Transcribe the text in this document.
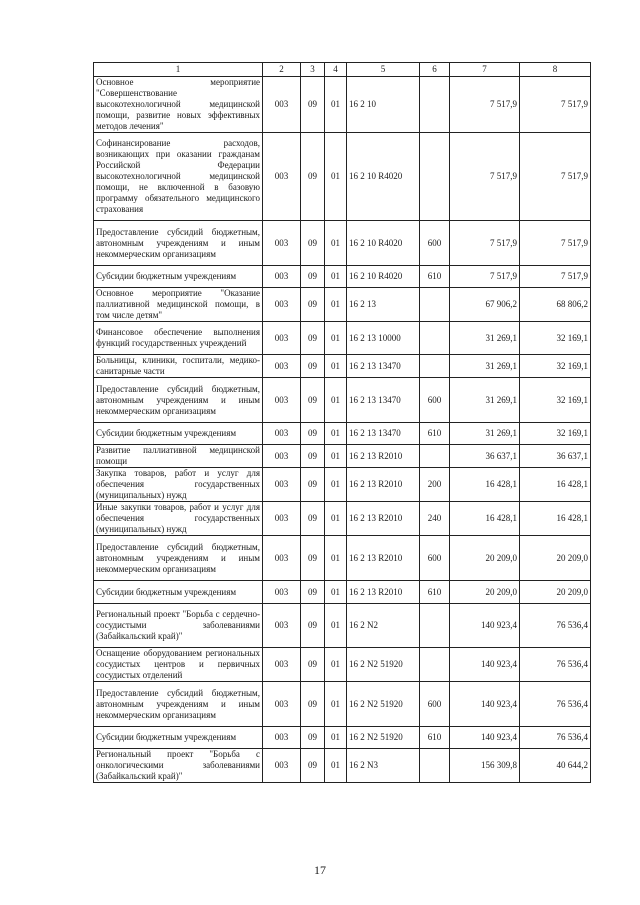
1	2	3	4	5	6	7	8
Основное мероприятие "Совершенствование высокотехнологичной медицинской помощи, развитие новых эффективных методов лечения"	003	09	01	16 2 10		7 517,9	7 517,9
Софинансирование расходов, возникающих при оказании гражданам Российской Федерации высокотехнологичной медицинской помощи, не включенной в базовую программу обязательного медицинского страхования	003	09	01	16 2 10 R4020		7 517,9	7 517,9
Предоставление субсидий бюджетным, автономным учреждениям и иным некоммерческим организациям	003	09	01	16 2 10 R4020	600	7 517,9	7 517,9
Субсидии бюджетным учреждениям	003	09	01	16 2 10 R4020	610	7 517,9	7 517,9
Основное мероприятие "Оказание паллиативной медицинской помощи, в том числе детям"	003	09	01	16 2 13		67 906,2	68 806,2
Финансовое обеспечение выполнения функций государственных учреждений	003	09	01	16 2 13 10000		31 269,1	32 169,1
Больницы, клиники, госпитали, медико-санитарные части	003	09	01	16 2 13 13470		31 269,1	32 169,1
Предоставление субсидий бюджетным, автономным учреждениям и иным некоммерческим организациям	003	09	01	16 2 13 13470	600	31 269,1	32 169,1
Субсидии бюджетным учреждениям	003	09	01	16 2 13 13470	610	31 269,1	32 169,1
Развитие паллиативной медицинской помощи	003	09	01	16 2 13 R2010		36 637,1	36 637,1
Закупка товаров, работ и услуг для обеспечения государственных (муниципальных) нужд	003	09	01	16 2 13 R2010	200	16 428,1	16 428,1
Иные закупки товаров, работ и услуг для обеспечения государственных (муниципальных) нужд	003	09	01	16 2 13 R2010	240	16 428,1	16 428,1
Предоставление субсидий бюджетным, автономным учреждениям и иным некоммерческим организациям	003	09	01	16 2 13 R2010	600	20 209,0	20 209,0
Субсидии бюджетным учреждениям	003	09	01	16 2 13 R2010	610	20 209,0	20 209,0
Региональный проект "Борьба с сердечно-сосудистыми заболеваниями (Забайкальский край)"	003	09	01	16 2 N2		140 923,4	76 536,4
Оснащение оборудованием региональных сосудистых центров и первичных сосудистых отделений	003	09	01	16 2 N2 51920		140 923,4	76 536,4
Предоставление субсидий бюджетным, автономным учреждениям и иным некоммерческим организациям	003	09	01	16 2 N2 51920	600	140 923,4	76 536,4
Субсидии бюджетным учреждениям	003	09	01	16 2 N2 51920	610	140 923,4	76 536,4
Региональный проект "Борьба с онкологическими заболеваниями (Забайкальский край)"	003	09	01	16 2 N3		156 309,8	40 644,2
17
